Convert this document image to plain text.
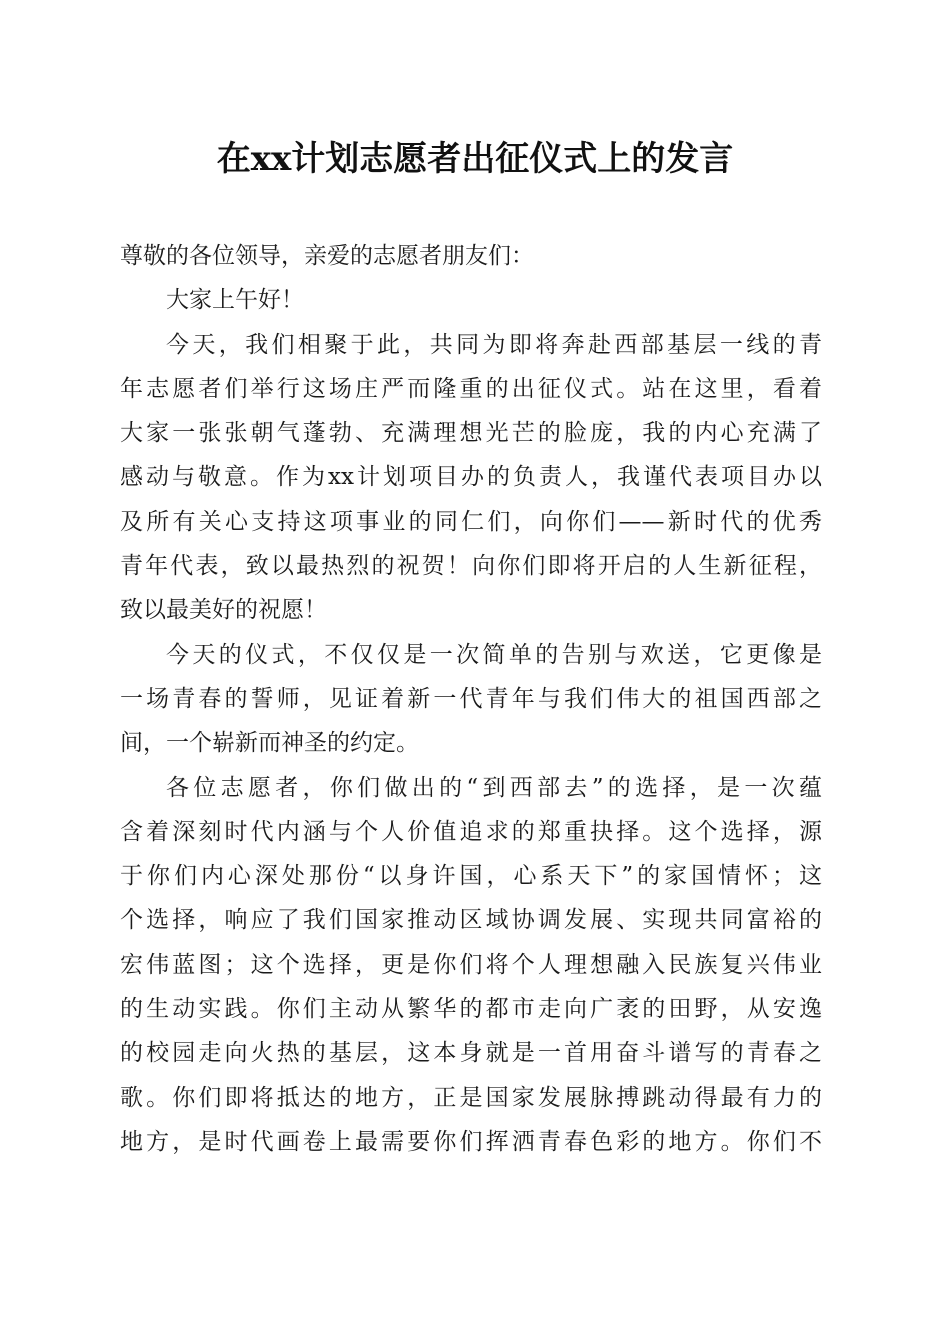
在xx计划志愿者出征仪式上的发言
尊敬的各位领导，亲爱的志愿者朋友们：
大家上午好！
今天，我们相聚于此，共同为即将奔赴西部基层一线的青
年志愿者们举行这场庄严而隆重的出征仪式。站在这里，看着
大家一张张朝气蓬勃、充满理想光芒的脸庞，我的内心充满了
感动与敬意。作为xx计划项目办的负责人，我谨代表项目办以
及所有关心支持这项事业的同仁们，向你们——新时代的优秀
青年代表，致以最热烈的祝贺！向你们即将开启的人生新征程，
致以最美好的祝愿！
今天的仪式，不仅仅是一次简单的告别与欢送，它更像是
一场青春的誓师，见证着新一代青年与我们伟大的祖国西部之
间，一个崭新而神圣的约定。
各位志愿者，你们做出的“到西部去”的选择，是一次蕴
含着深刻时代内涵与个人价值追求的郑重抉择。这个选择，源
于你们内心深处那份“以身许国，心系天下”的家国情怀；这
个选择，响应了我们国家推动区域协调发展、实现共同富裕的
宏伟蓝图；这个选择，更是你们将个人理想融入民族复兴伟业
的生动实践。你们主动从繁华的都市走向广袤的田野，从安逸
的校园走向火热的基层，这本身就是一首用奋斗谱写的青春之
歌。你们即将抵达的地方，正是国家发展脉搏跳动得最有力的
地方，是时代画卷上最需要你们挥洒青春色彩的地方。你们不
